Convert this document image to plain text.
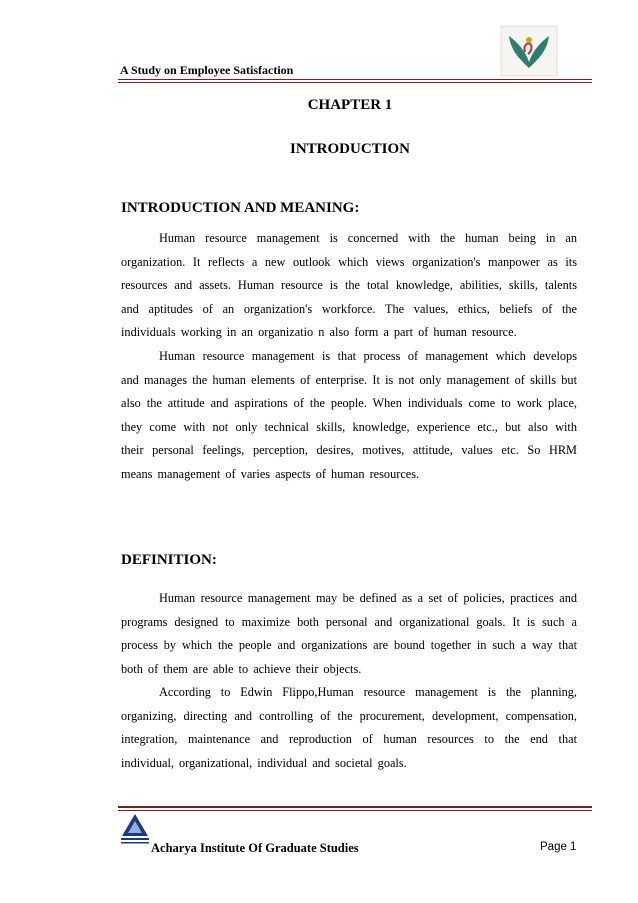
A Study on Employee Satisfaction
CHAPTER 1
INTRODUCTION
INTRODUCTION AND MEANING:
Human resource management is concerned with the human being in an organization. It reflects a new outlook which views organization's manpower as its resources and assets. Human resource is the total knowledge, abilities, skills, talents and aptitudes of an organization's workforce. The values, ethics, beliefs of the individuals working in an organizatio n also form a part of human resource.
Human resource management is that process of management which develops and manages the human elements of enterprise. It is not only management of skills but also the attitude and aspirations of the people. When individuals come to work place, they come with not only technical skills, knowledge, experience etc., but also with their personal feelings, perception, desires, motives, attitude, values etc. So HRM means management of varies aspects of human resources.
DEFINITION:
Human resource management may be defined as a set of policies, practices and programs designed to maximize both personal and organizational goals. It is such a process by which the people and organizations are bound together in such a way that both of them are able to achieve their objects.
According to Edwin Flippo,Human resource management is the planning, organizing, directing and controlling of the procurement, development, compensation, integration, maintenance and reproduction of human resources to the end that individual, organizational, individual and societal goals.
Acharya Institute Of Graduate Studies	Page 1
